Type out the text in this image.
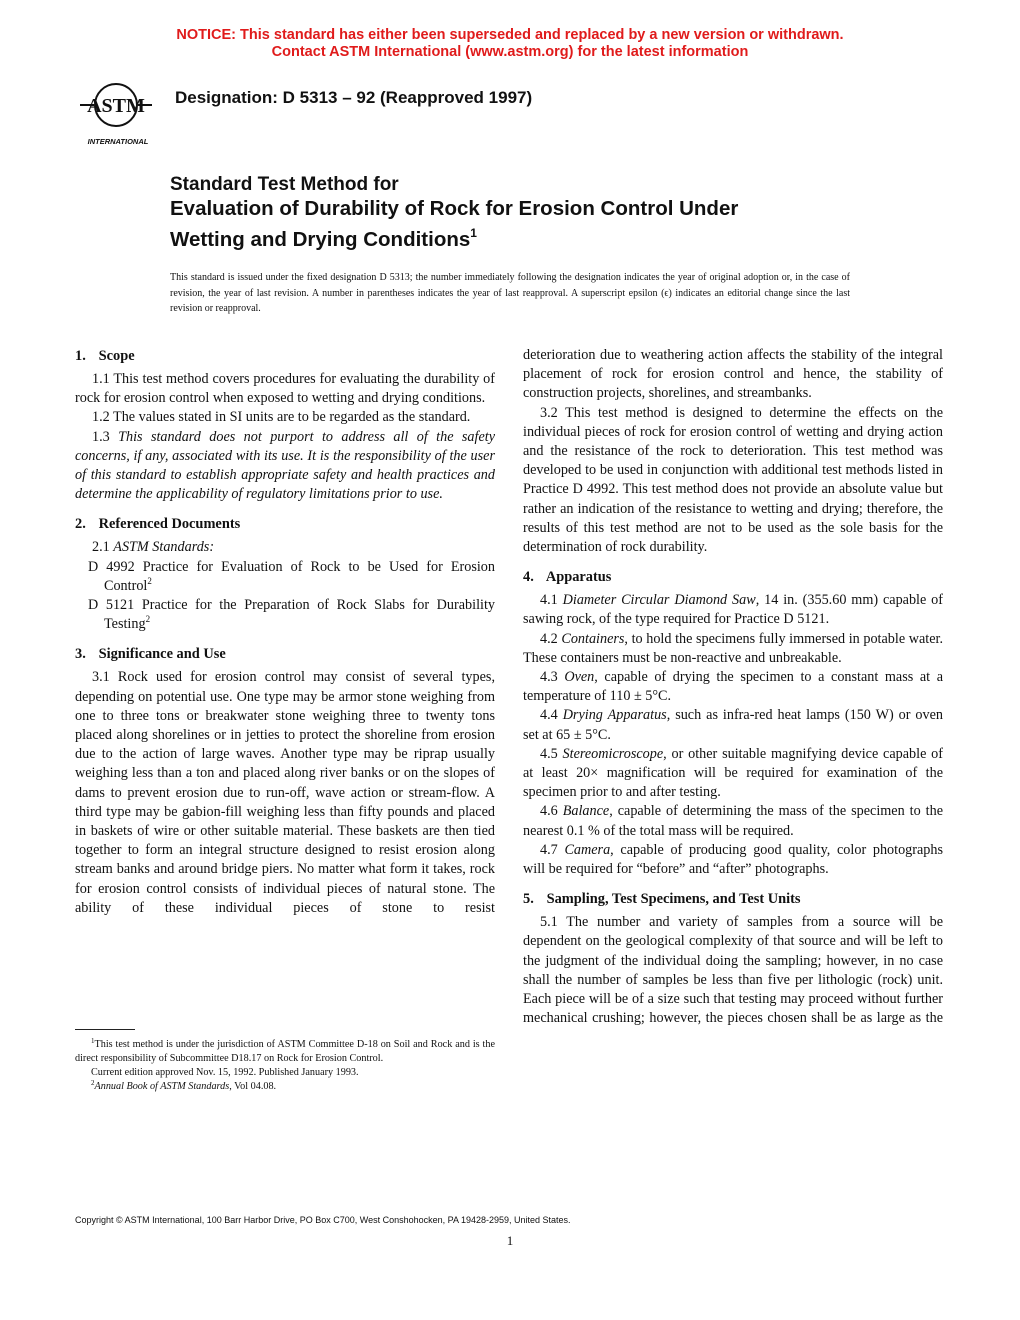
NOTICE: This standard has either been superseded and replaced by a new version or withdrawn.
Contact ASTM International (www.astm.org) for the latest information
ASTM
INTERNATIONAL
Designation: D 5313 – 92 (Reapproved 1997)
Standard Test Method for
Evaluation of Durability of Rock for Erosion Control Under
Wetting and Drying Conditions$^1$
This standard is issued under the fixed designation D 5313; the number immediately following the designation indicates the year of original adoption or, in the case of revision, the year of last revision. A number in parentheses indicates the year of last reapproval. A superscript epsilon (ϵ) indicates an editorial change since the last revision or reapproval.
1. Scope

1.1 This test method covers procedures for evaluating the durability of rock for erosion control when exposed to wetting and drying conditions.

1.2 The values stated in SI units are to be regarded as the standard.

1.3 This standard does not purport to address all of the safety concerns, if any, associated with its use. It is the responsibility of the user of this standard to establish appropriate safety and health practices and determine the applicability of regulatory limitations prior to use.

2. Referenced Documents

2.1 ASTM Standards:

D 4992 Practice for Evaluation of Rock to be Used for Erosion Control$^2$

D 5121 Practice for the Preparation of Rock Slabs for Durability Testing$^2$

3. Significance and Use

3.1 Rock used for erosion control may consist of several types, depending on potential use. One type may be armor stone weighing from one to three tons or breakwater stone weighing three to twenty tons placed along shorelines or in jetties to protect the shoreline from erosion due to the action of large waves. Another type may be riprap usually weighing less than a ton and placed along river banks or on the slopes of dams to prevent erosion due to run-off, wave action or stream-flow. A third type may be gabion-fill weighing less than fifty pounds and placed in baskets of wire or other suitable material. These baskets are then tied together to form an integral structure designed to resist erosion along stream banks and around bridge piers. No matter what form it takes, rock for erosion control consists of individual pieces of natural stone. The ability of these individual pieces of stone to resist

deterioration due to weathering action affects the stability of the integral placement of rock for erosion control and hence, the stability of construction projects, shorelines, and streambanks.

3.2 This test method is designed to determine the effects on the individual pieces of rock for erosion control of wetting and drying action and the resistance of the rock to deterioration. This test method was developed to be used in conjunction with additional test methods listed in Practice D 4992. This test method does not provide an absolute value but rather an indication of the resistance to wetting and drying; therefore, the results of this test method are not to be used as the sole basis for the determination of rock durability.

4. Apparatus

4.1 Diameter Circular Diamond Saw, 14 in. (355.60 mm) capable of sawing rock, of the type required for Practice D 5121.

4.2 Containers, to hold the specimens fully immersed in potable water. These containers must be non-reactive and unbreakable.

4.3 Oven, capable of drying the specimen to a constant mass at a temperature of 110 ± 5°C.

4.4 Drying Apparatus, such as infra-red heat lamps (150 W) or oven set at 65 ± 5°C.

4.5 Stereomicroscope, or other suitable magnifying device capable of at least 20× magnification will be required for examination of the specimen prior to and after testing.

4.6 Balance, capable of determining the mass of the specimen to the nearest 0.1 % of the total mass will be required.

4.7 Camera, capable of producing good quality, color photographs will be required for “before” and “after” photographs.

5. Sampling, Test Specimens, and Test Units

5.1 The number and variety of samples from a source will be dependent on the geological complexity of that source and will be left to the judgment of the individual doing the sampling; however, in no case shall the number of samples be less than five per lithologic (rock) unit. Each piece will be of a size such that testing may proceed without further mechanical crushing; however, the pieces chosen shall be as large as the

$^1$This test method is under the jurisdiction of ASTM Committee D-18 on Soil and Rock and is the direct responsibility of Subcommittee D18.17 on Rock for Erosion Control.

Current edition approved Nov. 15, 1992. Published January 1993.

$^2$Annual Book of ASTM Standards, Vol 04.08.

Copyright © ASTM International, 100 Barr Harbor Drive, PO Box C700, West Conshohocken, PA 19428-2959, United States.
1
